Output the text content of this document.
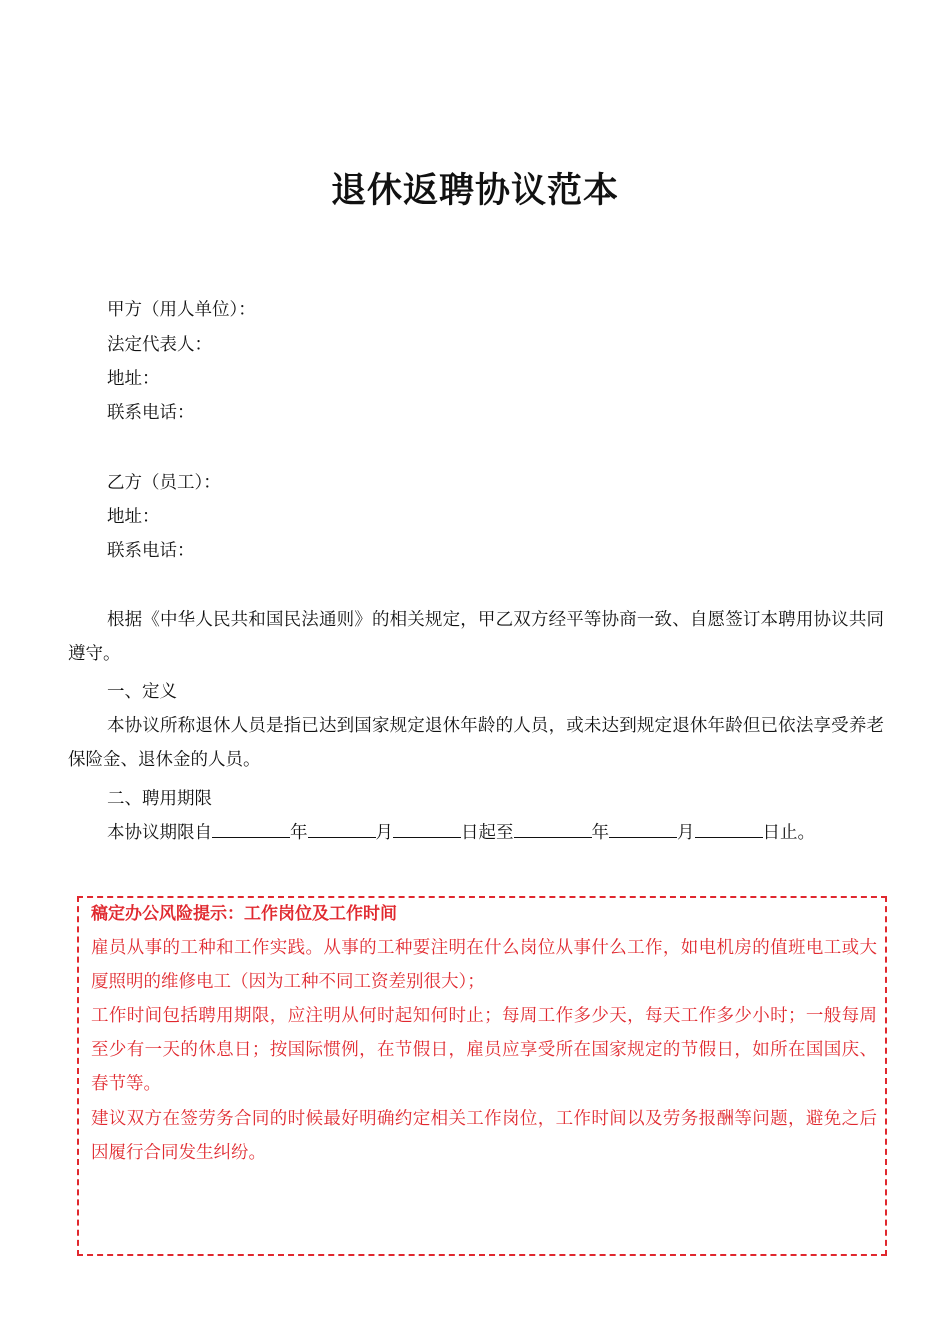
退休返聘协议范本
甲方（用人单位）：
法定代表人：
地址：
联系电话：
乙方（员工）：
地址：
联系电话：
根据《中华人民共和国民法通则》的相关规定，甲乙双方经平等协商一致、自愿签订本聘用协议共同遵守。
一、定义
本协议所称退休人员是指已达到国家规定退休年龄的人员，或未达到规定退休年龄但已依法享受养老保险金、退休金的人员。
二、聘用期限
本协议期限自	年	月	日起至	年	月	日止。
稿定办公风险提示：工作岗位及工作时间
雇员从事的工种和工作实践。从事的工种要注明在什么岗位从事什么工作，如电机房的值班电工或大厦照明的维修电工（因为工种不同工资差别很大）；
工作时间包括聘用期限，应注明从何时起知何时止；每周工作多少天，每天工作多少小时；一般每周至少有一天的休息日；按国际惯例，在节假日，雇员应享受所在国家规定的节假日，如所在国国庆、春节等。
建议双方在签劳务合同的时候最好明确约定相关工作岗位，工作时间以及劳务报酬等问题，避免之后因履行合同发生纠纷。
